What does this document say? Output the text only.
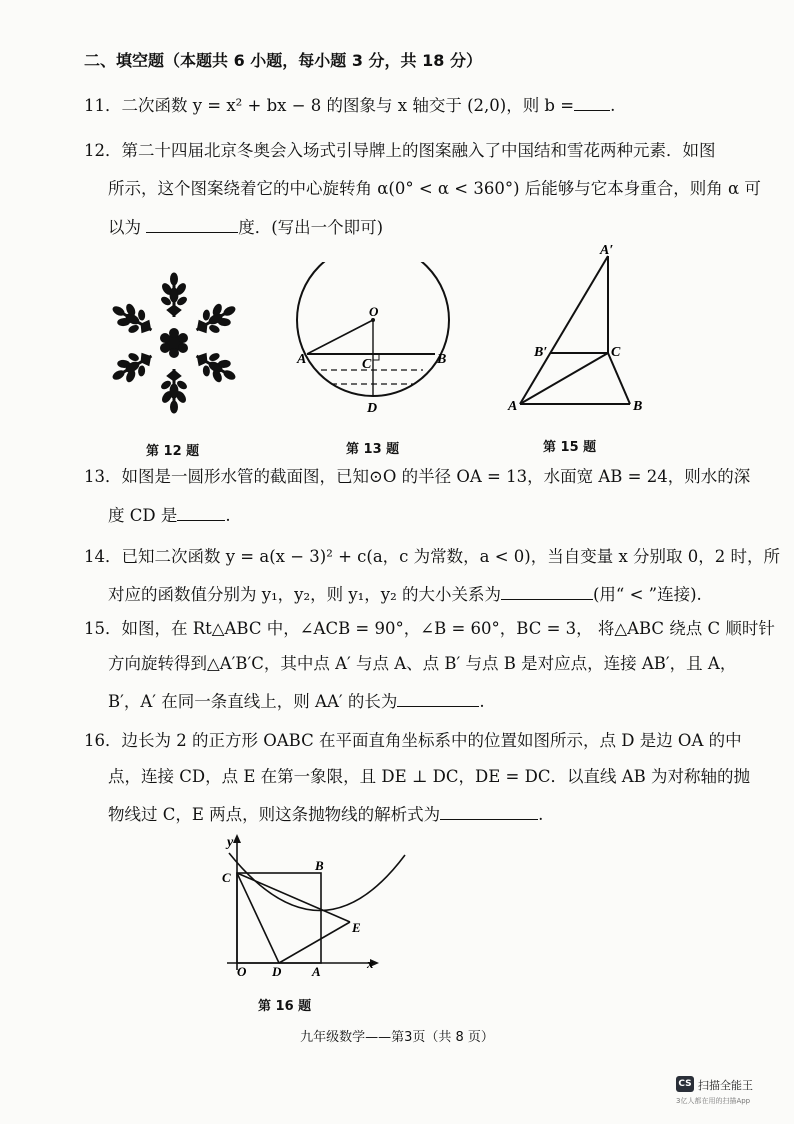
二、填空题（本题共 6 小题，每小题 3 分，共 18 分）
11．二次函数 y = x² + bx − 8 的图象与 x 轴交于 (2,0)，则 b = .
12．第二十四届北京冬奥会入场式引导牌上的图案融入了中国结和雪花两种元素．如图
所示，这个图案绕着它的中心旋转角 α(0° < α < 360°) 后能够与它本身重合，则角 α 可
以为	度．(写出一个即可)
第 12 题
O
A	B
C
D
第 13 题
A′
B′	C
A	B
第 15 题
13．如图是一圆形水管的截面图，已知⊙O 的半径 OA = 13，水面宽 AB = 24，则水的深
度 CD 是	.
14．已知二次函数 y = a(x − 3)² + c(a，c 为常数，a < 0)，当自变量 x 分别取 0，2 时，所
对应的函数值分别为 y₁，y₂，则 y₁，y₂ 的大小关系为	(用“ < ”连接).
15．如图，在 Rt△ABC 中，∠ACB = 90°，∠B = 60°，BC = 3， 将△ABC 绕点 C 顺时针
方向旋转得到△A′B′C，其中点 A′ 与点 A、点 B′ 与点 B 是对应点，连接 AB′，且 A，
B′，A′ 在同一条直线上，则 AA′ 的长为	.
16．边长为 2 的正方形 OABC 在平面直角坐标系中的位置如图所示，点 D 是边 OA 的中
点，连接 CD，点 E 在第一象限，且 DE ⊥ DC，DE = DC．以直线 AB 为对称轴的抛
物线过 C，E 两点，则这条抛物线的解析式为	.
y
x
O D A
C
B
E
第 16 题
九年级数学——第3页（共 8 页）
CS 扫描全能王
3亿人都在用的扫描App
